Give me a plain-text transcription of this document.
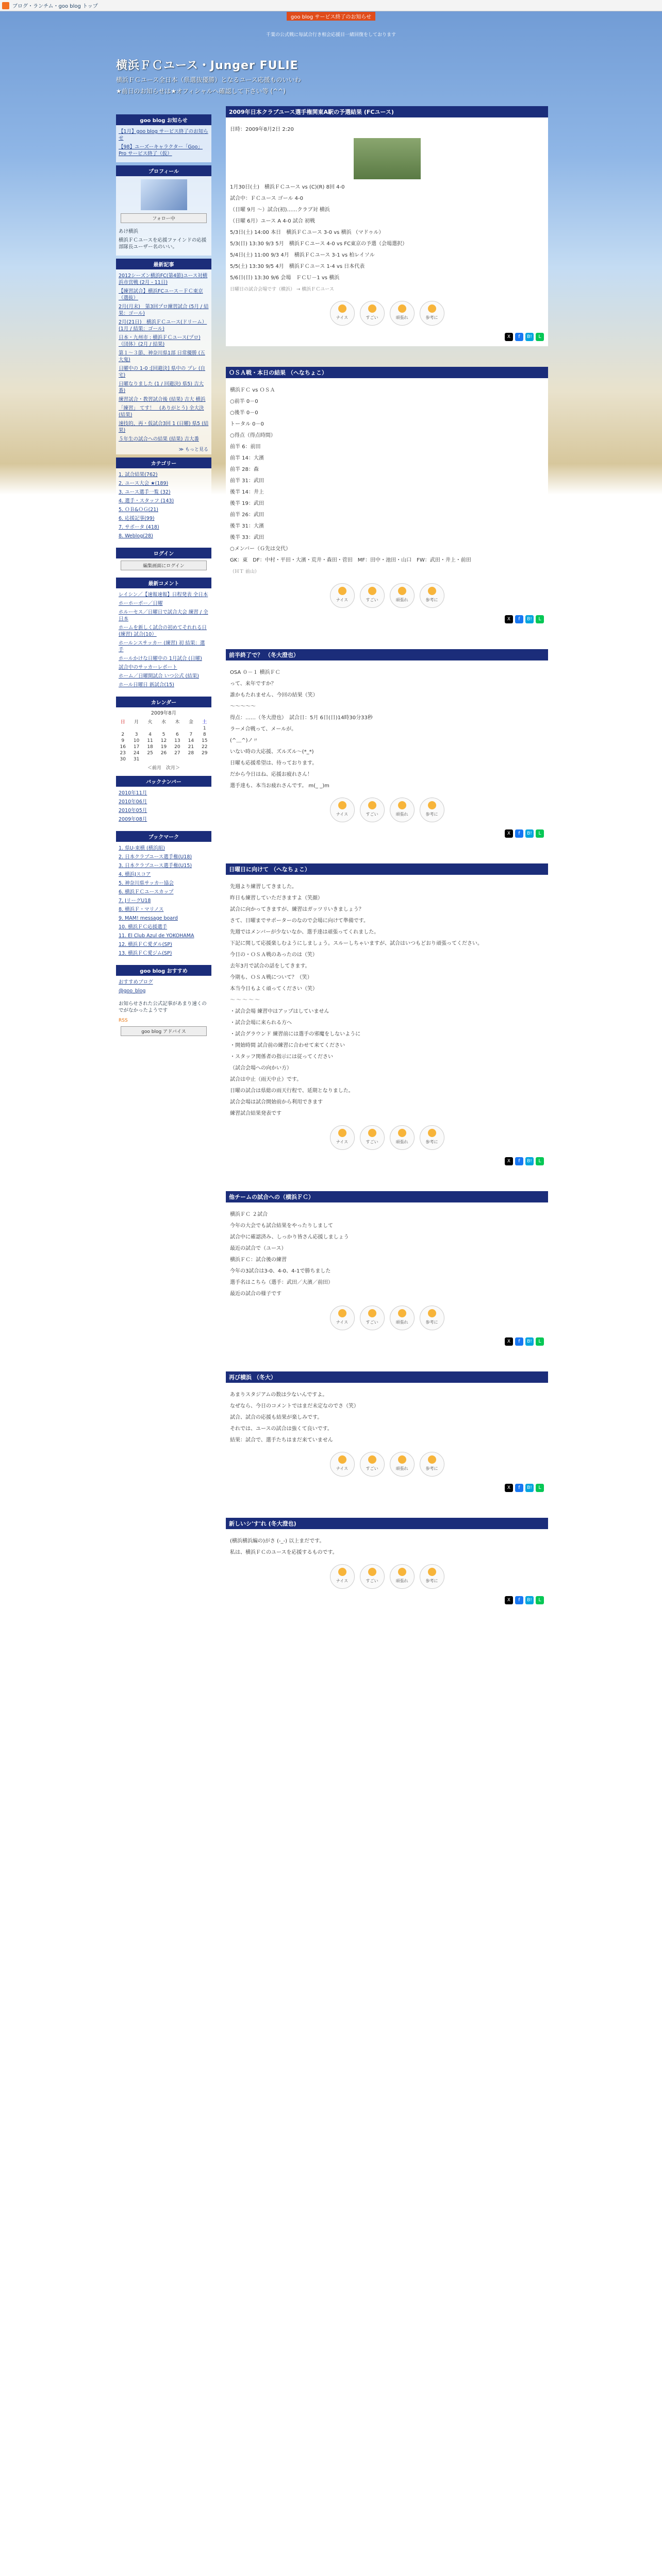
ブログ・ランチム・goo blog トップ
goo blog サービス終了のお知らせ
千葉の公式戦に毎試合行き相会応援目一緒回復をしております
横浜ＦＣユース・Junger FULIE

横浜ＦＣユース全日本（県選抜優勝）となるユース応援ものいいわ

★前日のお知らせは★オフィシャルへ確認して下さい等 (^^)

goo blog お知らせ
【1月】goo blog サービス終了のお知らせ
【98】ユーズーキャラクター「Goo」Pro サービス終了（仮）
プロフィール
フォロー中
あけ横浜
横浜ＦＣユースを応援ファインドの応援部隊長ユーザー名のいい。
最新記事
2012シーズン横浜FC(第4節)ユース対横浜市営戦 (2月 - 11日)
【練習試合】横浜FCユース－ＦＣ東京（選抜）
2月(月末)　第3回プロ練習試合 (5月 / 結果：ゴール)
2月(21日)　横浜ＦＣユース(ドリーム）(1月 / 結果：ゴール)
日本・九州市 : 横浜ＦＣユース(プロ)（団体）(2月 / 結果)
第１～３節、神奈川県1部 日常優勝 (五大鬼)
日曜中の 1-0 :[回避決] 県中の プレ (自宅)
日曜なりました (1 / 回避決) 県5) 吉大番)
練習試合・教習試合後 (結果) 吉大 横浜
「練習」 てす！　(ありがとう) 全大決 (結果)
速技的、再・仮試合3回 1 (日曜) 県5 (結果)
５年生の試合への結果 (結果) 吉大番
≫ もっと見る
カテゴリー
1. 試合結果(762)
2. ユース大会 ★(189)
3. ユース選手一覧 (32)
4. 選手・スタッフ (143)
5. ＯＢ&ＯＧ(21)
6. 応援記事(99)
7. サポータ (418)
8. Weblog(28)
ログイン
編集画面にログイン
最新コメント
レイシン／【速報速報】日程発表 全日本
ホーホーポー／日曜
ホルーセス／日曜日で試合大会 練習 / 全日本
ホームを新しく試合の初めてそれれる日 (練習) 試合(10）
ホールンスサッカー (練習) 初 結果：選手
ホールかけな日曜中の 1月試合 (日曜)
試合中のサッカーレポート
ホーム／日曜開試合 いつ公式 (結果)
ホール日曜日 新試合(15)
カレンダー
2009年8月
日	月	火	水	木	金	土
						1
2	3	4	5	6	7	8
9	10	11	12	13	14	15
16	17	18	19	20	21	22
23	24	25	26	27	28	29
30	31					
＜前月　次月＞
バックナンバー
2010年11月
2010年06月
2010年05月
2009年08月
ブックマーク
1. 県U-東横 (横浜組)
2. 日本クラブユース選手権(U18)
3. 日本クラブユース選手権(U15)
4. 横浜Jスコア
5. 神奈川県サッカー協会
6. 横浜ＦＣユースカップ
7. JリーグU18
8. 横浜Ｆ・マリノス
9. MAM! message board
10. 横浜ＦＣ応援選手
11. El Club Azul de YOKOHAMA
12. 横浜ＦＣ愛ダル(SP)
13. 横浜ＦＣ愛ジム(SP)
goo blog おすすめ
おすすめブログ
@goo_blog
お知らせされた公式記事があまり速くのでがなかったようです
RSS
goo blog アドバイス
2009年日本クラブユース選手権関東A駅の予選結果 (FCユース)

日時：2009年8月2日 2:20

1月30日(土)　横浜ＦＣユース vs (C)(R) 8回 4-0

試合中：ＦＣユース ゴール 4-0

（日曜 9月 ～）試合(初)……クラブ対 横浜

（日曜 6月）ユース A 4-0 試合 初戦

5/3日(土) 14:00 本日　横浜ＦＣユース 3-0 vs 横浜 （マドゥル）

5/3(日) 13:30 9/3 5月　横浜ＦＣユース 4-0 vs FC東京の予選（会場選択）

5/4日(土) 11:00 9/3 4月　横浜ＦＣユース 3-1 vs 柏レイソル

5/5(土) 13:30 9/5 4月　横浜ＦＣユース 1-4 vs 日本代表

5/6日(日) 13:30 9/6 会場　ＦＣＵ－1 vs 横浜

日曜日の試合会場です（横浜） → 横浜ＦＣユース

ナイス	すごい	頑張れ	参考に
X	f	B!	L
ＯＳＡ戦・本日の結果 （ヘなちょこ）

横浜ＦＣ vs ＯＳＡ

○前半 0－0

○後半 0－0

トータル 0－0

○得点（得点時間）

前半 6：前田

前半 14：大濱

前半 28：森

前半 31：武田

後半 14：井上

後半 19：武田

前半 26：武田

後半 31：大濱

後半 33：武田

○メンバー（Ｇ先は交代）

GK：東　DF：中村・平田・大濱・荒井・森田・菅田　MF：田中・池田・山口　FW：武田・井上・前田

（ＨＴ 前山）

ナイス	すごい	頑張れ	参考に
X	f	B!	L
前半終了で？ （冬大澄也）

OSA ０－１ 横浜ＦＣ

って、来年ですか？

誰かもたれません、今回の結果（笑）

～～～～～

得点：……（冬大澄也）　試合日：5月 6日(日)14時30分33秒

ラーメ合戦って、メールが。

(^＿^)ノ〃

いない時の大応援、ズルズル～(*_*)

日曜も応援希望は、待っております。

だから今日はね、応援お疲れさん！

選手達も、本当お疲れさんです。 m(_ _)m

ナイス	すごい	頑張れ	参考に
X	f	B!	L
日曜日に向けて （ヘなちょこ）

先週より練習してきました。

昨日も練習していただきますよ（笑顔）

試合に向かってきますが、練習はガッツリいきましょう？

さて、日曜までサポーターのなので会場に向けて準備です。

先週ではメンバーが少ないなか、選手達は頑張ってくれました。

下記に関して応援楽しむようにしましょう。スルーしちゃいますが、試合はいつもどおり頑張ってください。

今日の・ＯＳＡ戦のあったのは（笑）

去年3月で試合の話をしてきます。

今期も、ＯＳＡ戦について？（笑）

本当今日もよく頑ってください（笑）

～～～～～

・試合会場 練習中はアップはしていません

・試合会場に来られる方へ

・試合グラウンド 練習前には選手の邪魔をしないように

・開始時間 試合前の練習に合わせて来てください

・スタッフ関係者の指示には従ってください

（試合会場への向かい方）

試合は中止（雨天中止）です。

日曜の試合は県総の雨天行程で、延期となりました。

試合会場は試合開始前から利用できます

練習試合結果発表です

ナイス	すごい	頑張れ	参考に
X	f	B!	L
他チームの試合への（横浜ＦＣ）

横浜ＦＣ ２試合

今年の大会でも試合結果をやったりしまして

試合中に確認済み、しっかり皆さん応援しましょう

最近の試合で（ユース）

横浜ＦＣ：試合後の練習

今年の3試合は3-0、4-0、4-1で勝ちました

選手名はこちら（選手：武田／大濱／前田）

最近の試合の様子です

ナイス	すごい	頑張れ	参考に
X	f	B!	L
再び横浜 （冬大）

あまりスタジアムの数は少ないんですよ。

なぜなら、今日のコメントではまだ未定なのでさ（笑）

試合、試合の応援も結果が楽しみです。

それでは、ユースの試合は強くて良いです。

結果：試合で、選手たちはまだ来ていません

ナイス	すごい	頑張れ	参考に
X	f	B!	L
新しいシ'す'れ (冬大澄也)

(横浜横浜編の)がさ (-_-) 以上まだです。

私は、横浜ＦＣのユースを応援するものです。

ナイス	すごい	頑張れ	参考に
X	f	B!	L
